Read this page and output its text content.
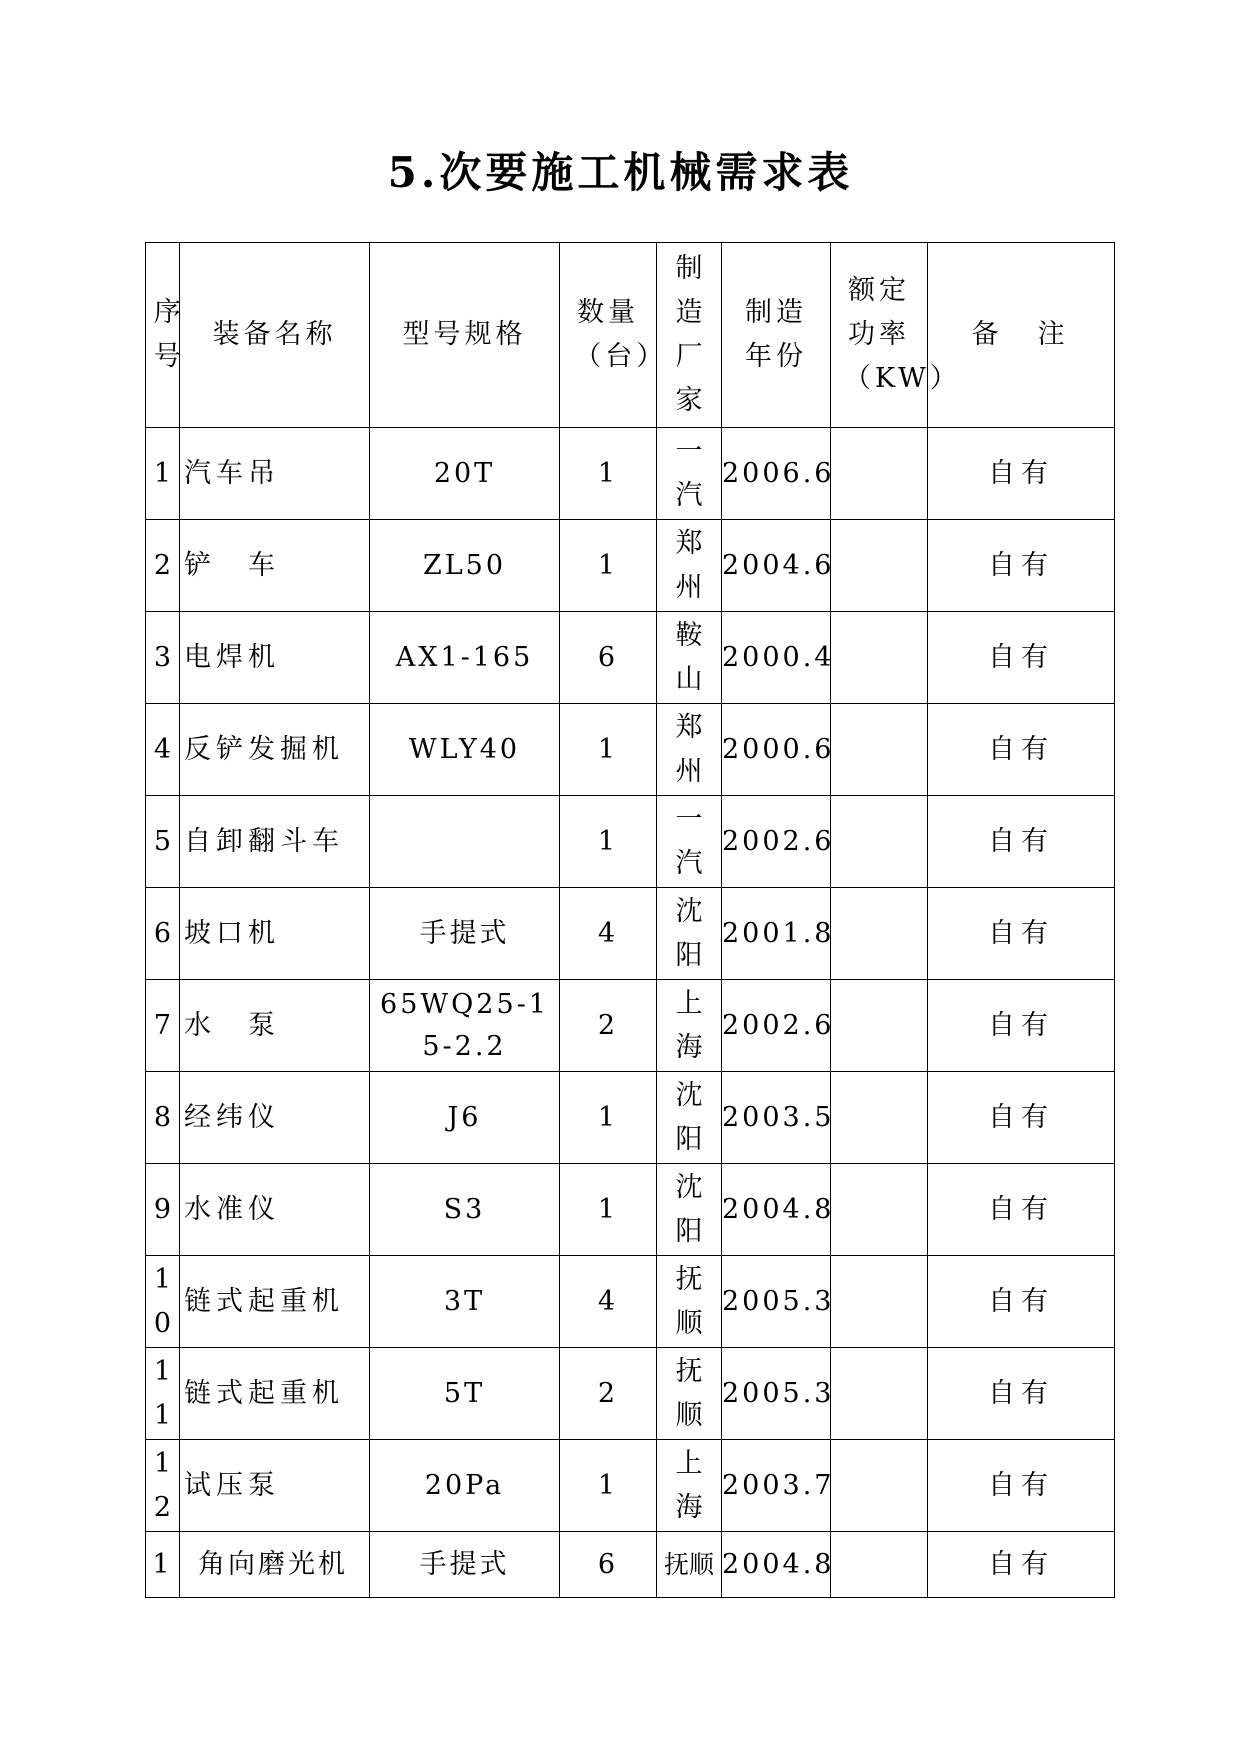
5.次要施工机械需求表
序号	装备名称	型号规格	数量（台）	制造厂家	制造年份	额定功率（KW）	备　注

1	汽车吊	20T	1	一汽	2006.6		自有

2	铲　车	ZL50	1	郑州	2004.6		自有

3	电焊机	AX1-165	6	鞍山	2000.4		自有

4	反铲发掘机	WLY40	1	郑州	2000.6		自有

5	自卸翻斗车		1	一汽	2002.6		自有

6	坡口机	手提式	4	沈阳	2001.8		自有

7	水　泵	65WQ25-15-2.2	2	上海	2002.6		自有

8	经纬仪	J6	1	沈阳	2003.5		自有

9	水准仪	S3	1	沈阳	2004.8		自有

10	链式起重机	3T	4	抚顺	2005.3		自有

11	链式起重机	5T	2	抚顺	2005.3		自有

12	试压泵	20Pa	1	上海	2003.7		自有
1	角向磨光机	手提式	6	抚顺	2004.8		自有
